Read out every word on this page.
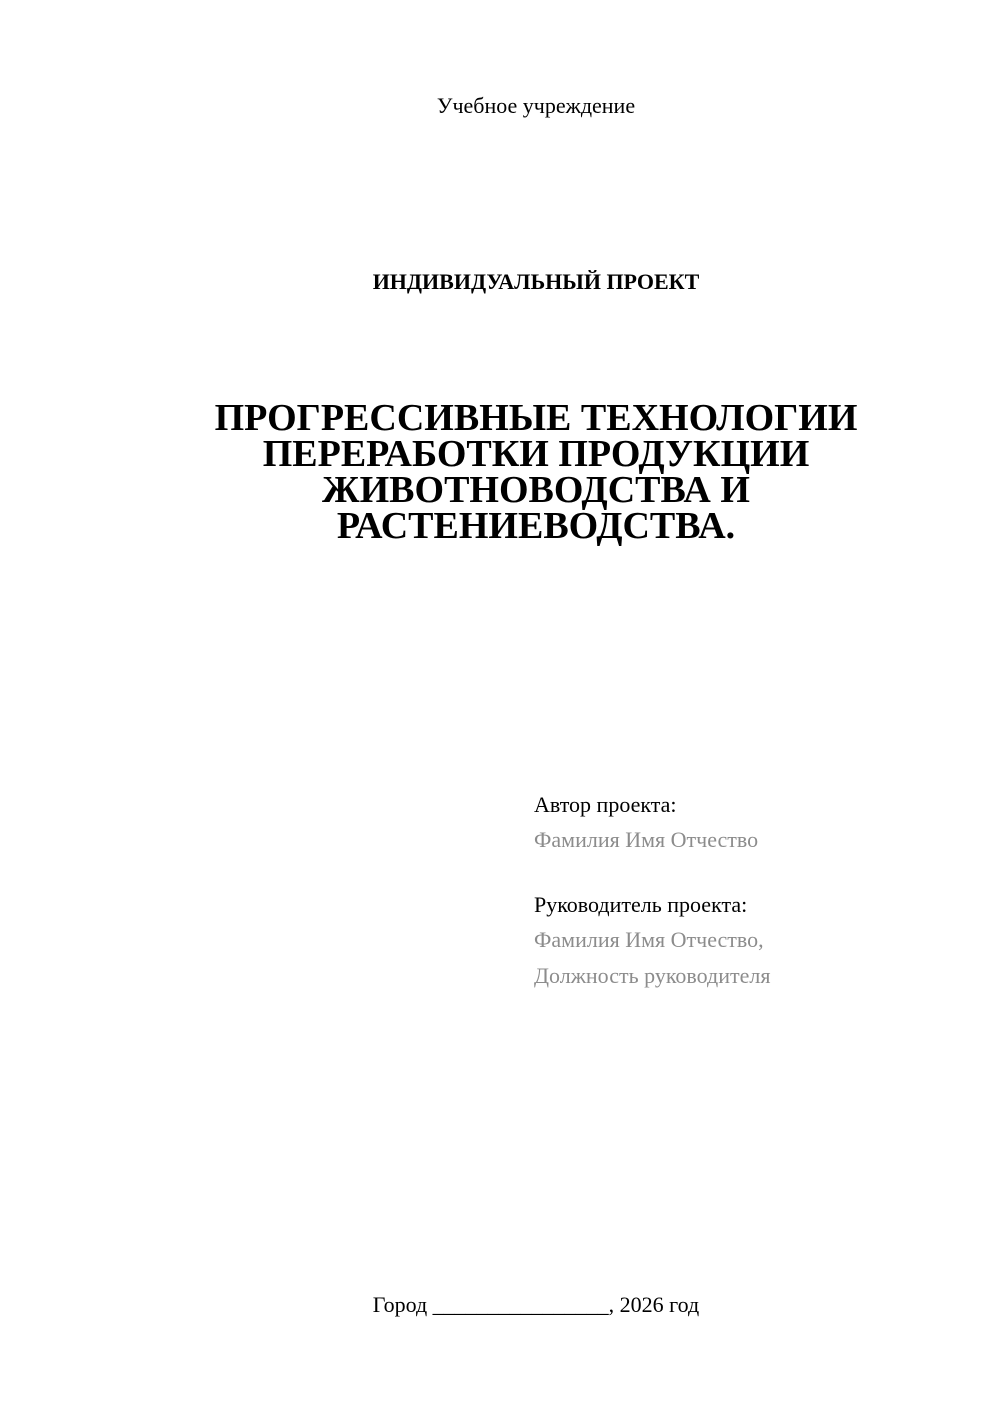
Учебное учреждение
ИНДИВИДУАЛЬНЫЙ ПРОЕКТ
ПРОГРЕССИВНЫЕ ТЕХНОЛОГИИ
ПЕРЕРАБОТКИ ПРОДУКЦИИ
ЖИВОТНОВОДСТВА И
РАСТЕНИЕВОДСТВА.
Автор проекта:
Фамилия Имя Отчество
Руководитель проекта:
Фамилия Имя Отчество,
Должность руководителя
Город ________________, 2026 год
